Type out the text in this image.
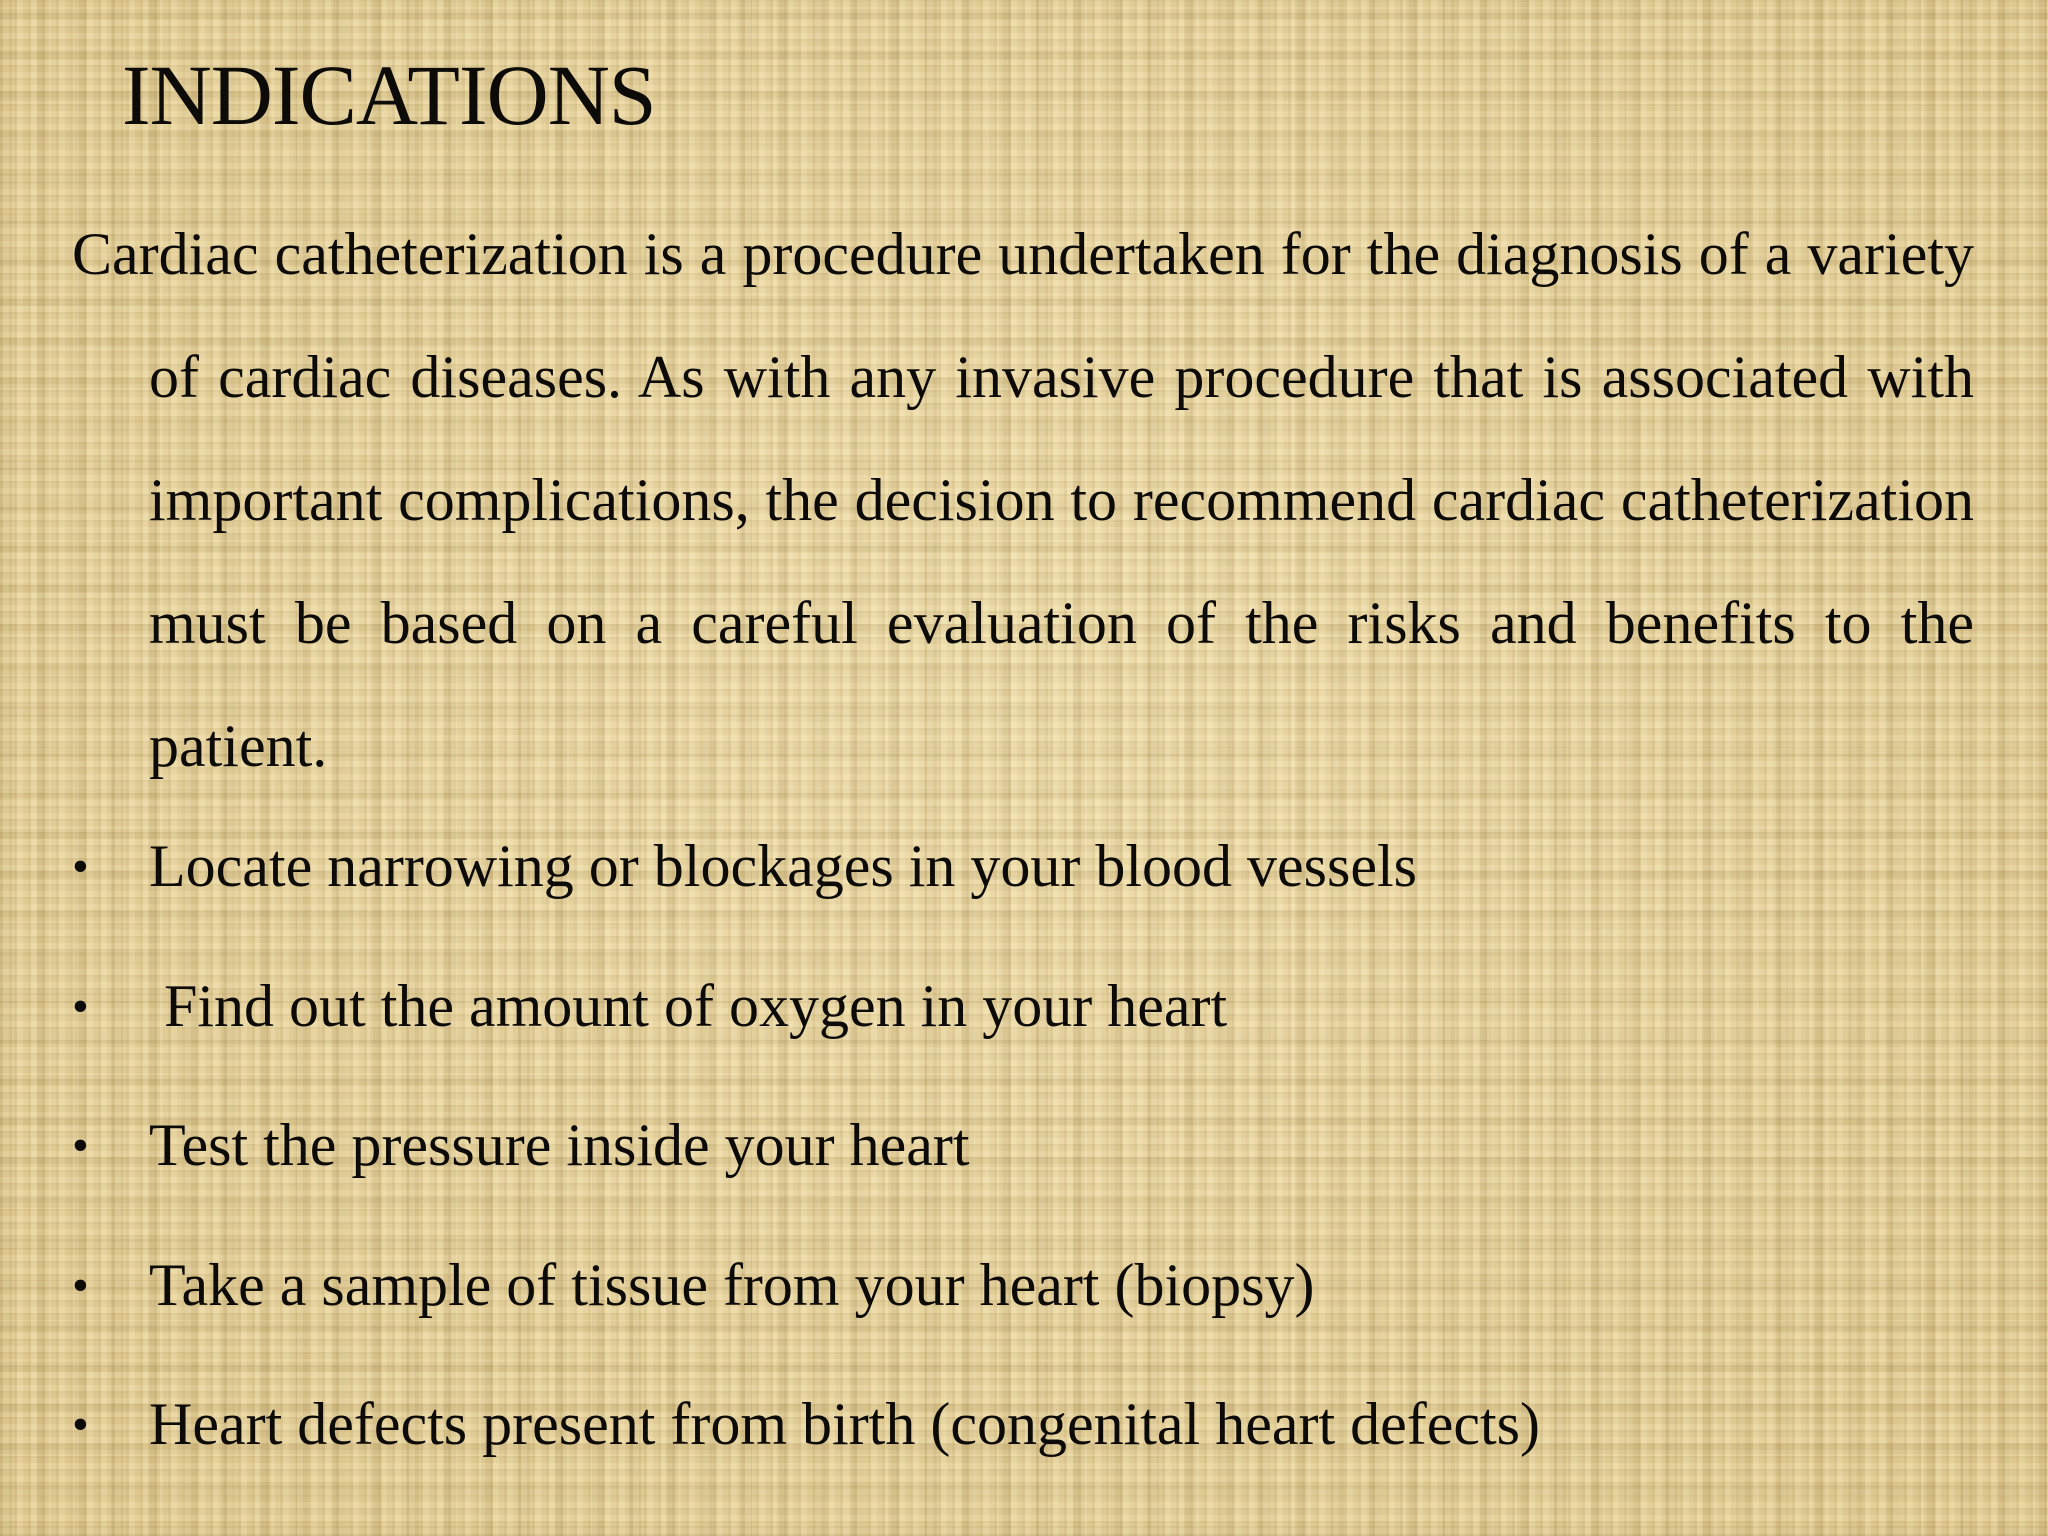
INDICATIONS

Cardiac catheterization is a procedure undertaken for the diagnosis of a variety of cardiac diseases. As with any invasive procedure that is associated with important complications, the decision to recommend cardiac catheterization must be based on a careful evaluation of the risks and benefits to the patient.

• Locate narrowing or blockages in your blood vessels
•  Find out the amount of oxygen in your heart
• Test the pressure inside your heart
• Take a sample of tissue from your heart (biopsy)
• Heart defects present from birth (congenital heart defects)
